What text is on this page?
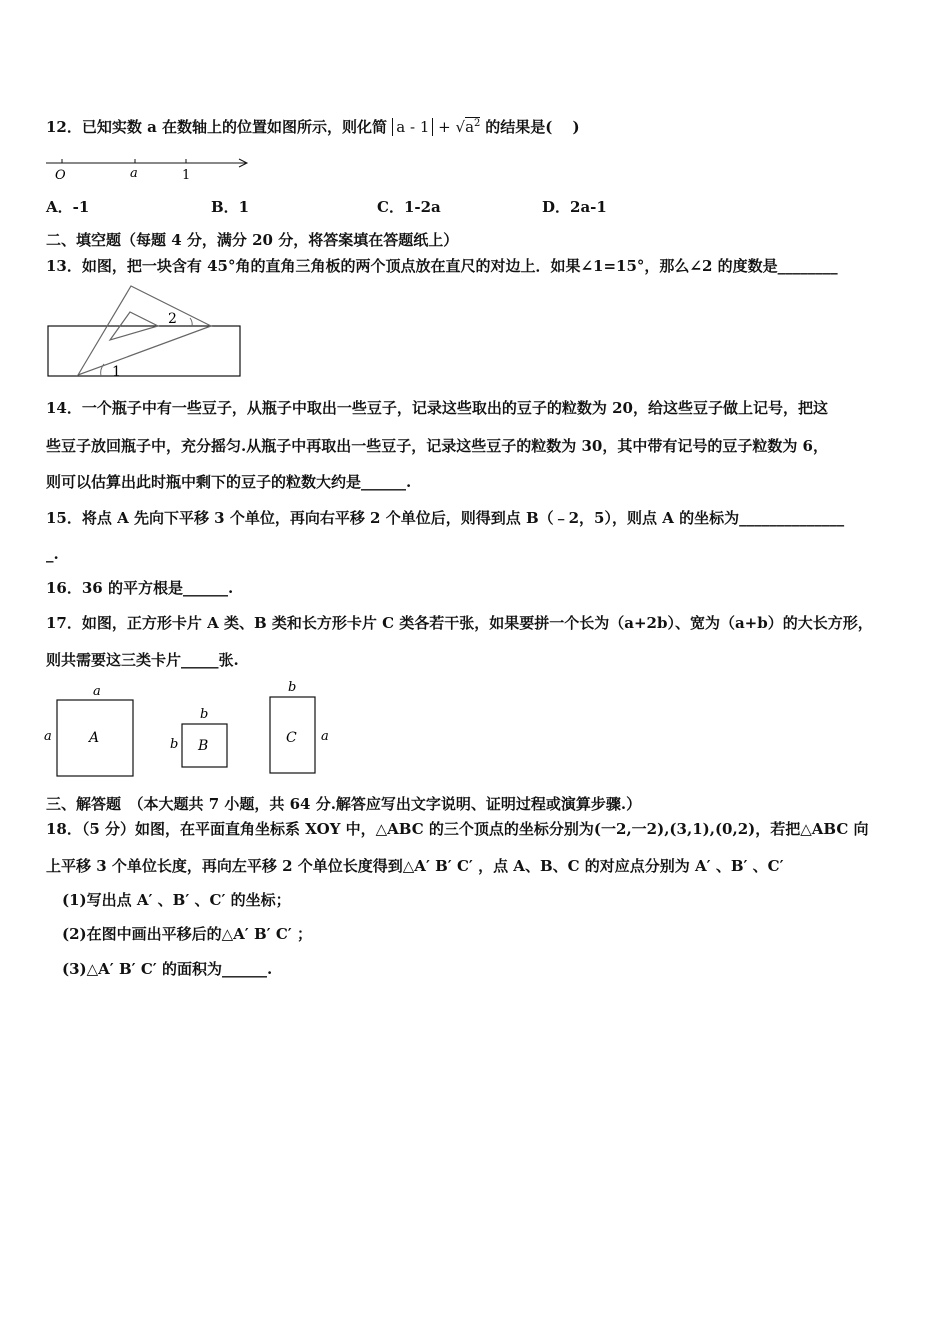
12．已知实数 a 在数轴上的位置如图所示，则化简 $a - 1 + √a^2$ 的结果是(　 )
O	a	1
A．-1	B．1	C．1-2a	D．2a-1
二、填空题（每题 4 分，满分 20 分，将答案填在答题纸上）
13．如图，把一块含有 45°角的直角三角板的两个顶点放在直尺的对边上．如果∠1=15°，那么∠2 的度数是________
2
1
14．一个瓶子中有一些豆子，从瓶子中取出一些豆子，记录这些取出的豆子的粒数为 20，给这些豆子做上记号，把这
些豆子放回瓶子中，充分摇匀.从瓶子中再取出一些豆子，记录这些豆子的粒数为 30，其中带有记号的豆子粒数为 6，
则可以估算出此时瓶中剩下的豆子的粒数大约是______.
15．将点 A 先向下平移 3 个单位，再向右平移 2 个单位后，则得到点 B（﹣2，5），则点 A 的坐标为______________
_.
16．36 的平方根是______.
17．如图，正方形卡片 A 类、B 类和长方形卡片 C 类各若干张，如果要拼一个长为（a+2b）、宽为（a+b）的大长方形，
则共需要这三类卡片_____张.
a
a	A
b
b B
b
a
C
三、解答题　（本大题共 7 小题，共 64 分.解答应写出文字说明、证明过程或演算步骤.）
18．（5 分）如图，在平面直角坐标系 XOY 中，△ABC 的三个顶点的坐标分别为(一2,一2),(3,1),(0,2)，若把△ABC 向
上平移 3 个单位长度，再向左平移 2 个单位长度得到△A′ B′ C′ ，点 A、B、C 的对应点分别为 A′ 、B′ 、C′
(1)写出点 A′ 、B′ 、C′ 的坐标；
(2)在图中画出平移后的△A′ B′ C′ ；
(3)△A′ B′ C′ 的面积为______.
